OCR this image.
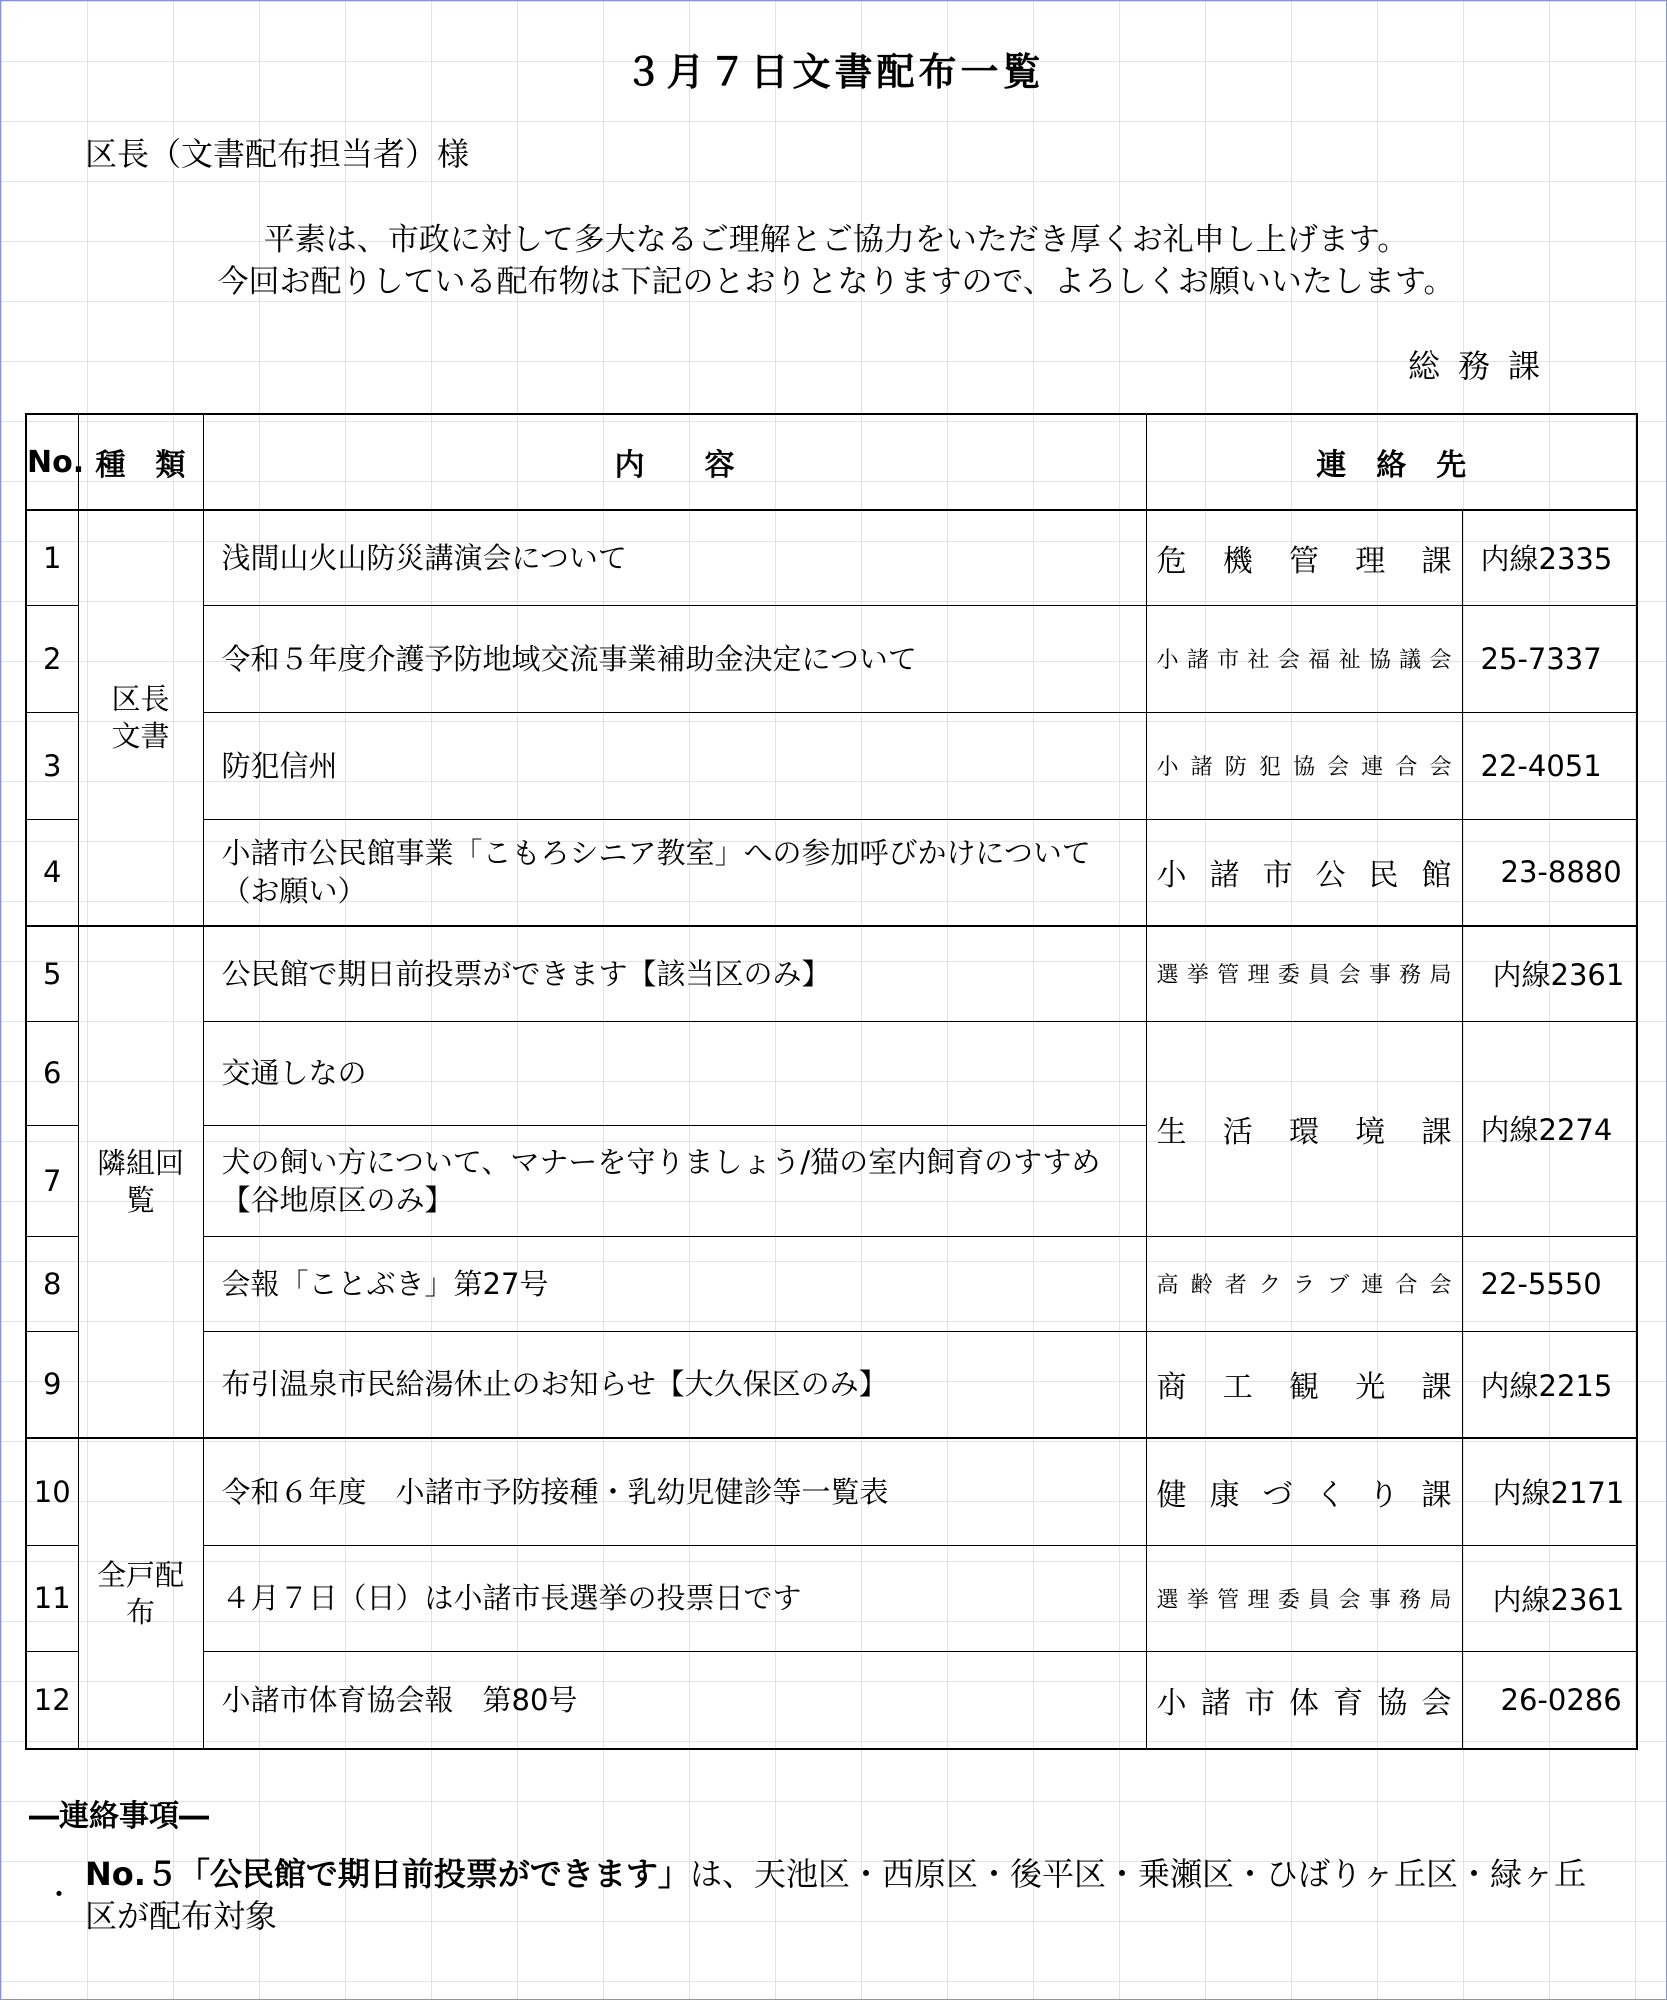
３月７日文書配布一覧
区長（文書配布担当者）様
平素は、市政に対して多大なるご理解とご協力をいただき厚くお礼申し上げます。
今回お配りしている配布物は下記のとおりとなりますので、よろしくお願いいたします。
総務課
No.	種　類	内　　容	連　絡　先	
1	区長文書	浅間山火山防災講演会について	危機管理課	内線2335
2		令和５年度介護予防地域交流事業補助金決定について	小諸市社会福祉協議会	25-7337
3		防犯信州	小諸防犯協会連合会	22-4051
4		小諸市公民館事業「こもろシニア教室」への参加呼びかけについて（お願い）	小諸市公民館	23-8880
5	隣組回覧	公民館で期日前投票ができます【該当区のみ】	選挙管理委員会事務局	内線2361
6		交通しなの	生活環境課	内線2274
7		犬の飼い方について、マナーを守りましょう/猫の室内飼育のすすめ【谷地原区のみ】		
8		会報「ことぶき」第27号	高齢者クラブ連合会	22-5550
9		布引温泉市民給湯休止のお知らせ【大久保区のみ】	商工観光課	内線2215
10	全戸配布	令和６年度　小諸市予防接種・乳幼児健診等一覧表	健康づくり課	内線2171
11		４月７日（日）は小諸市長選挙の投票日です	選挙管理委員会事務局	内線2361
12		小諸市体育協会報　第80号	小諸市体育協会	26-0286
―連絡事項―
・
No.５「公民館で期日前投票ができます」は、天池区・西原区・後平区・乗瀬区・ひばりヶ丘区・緑ヶ丘区が配布対象
